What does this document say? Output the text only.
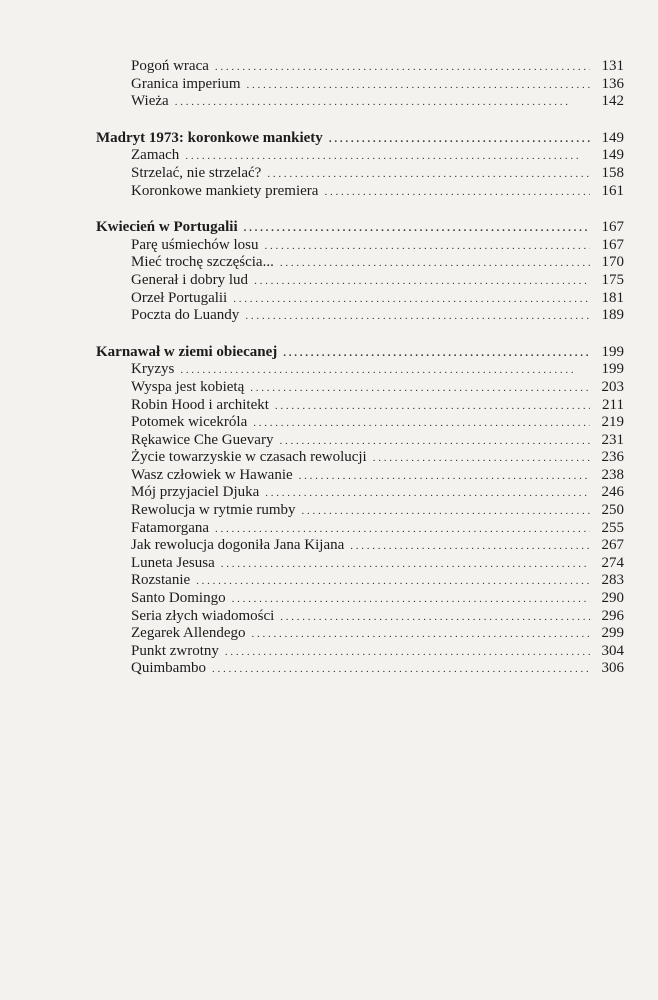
Pogoń wraca . . .	131
Granica imperium . . .	136
Wieża . . .	142
Madryt 1973: koronkowe mankiety . . .	149
Zamach . . .	149
Strzelać, nie strzelać? . . .	158
Koronkowe mankiety premiera . . .	161
Kwiecień w Portugalii . . .	167
Parę uśmiechów losu . . .	167
Mieć trochę szczęścia... . . .	170
Generał i dobry lud . . .	175
Orzeł Portugalii . . .	181
Poczta do Luandy . . .	189
Karnawał w ziemi obiecanej . . .	199
Kryzys . . .	199
Wyspa jest kobietą . . .	203
Robin Hood i architekt . . .	211
Potomek wicekróla . . .	219
Rękawice Che Guevary . . .	231
Życie towarzyskie w czasach rewolucji . . .	236
Wasz człowiek w Hawanie . . .	238
Mój przyjaciel Djuka . . .	246
Rewolucja w rytmie rumby . . .	250
Fatamorgana . . .	255
Jak rewolucja dogoniła Jana Kijana . . .	267
Luneta Jesusa . . .	274
Rozstanie . . .	283
Santo Domingo . . .	290
Seria złych wiadomości . . .	296
Zegarek Allendego . . .	299
Punkt zwrotny . . .	304
Quimbambo . . .	306
